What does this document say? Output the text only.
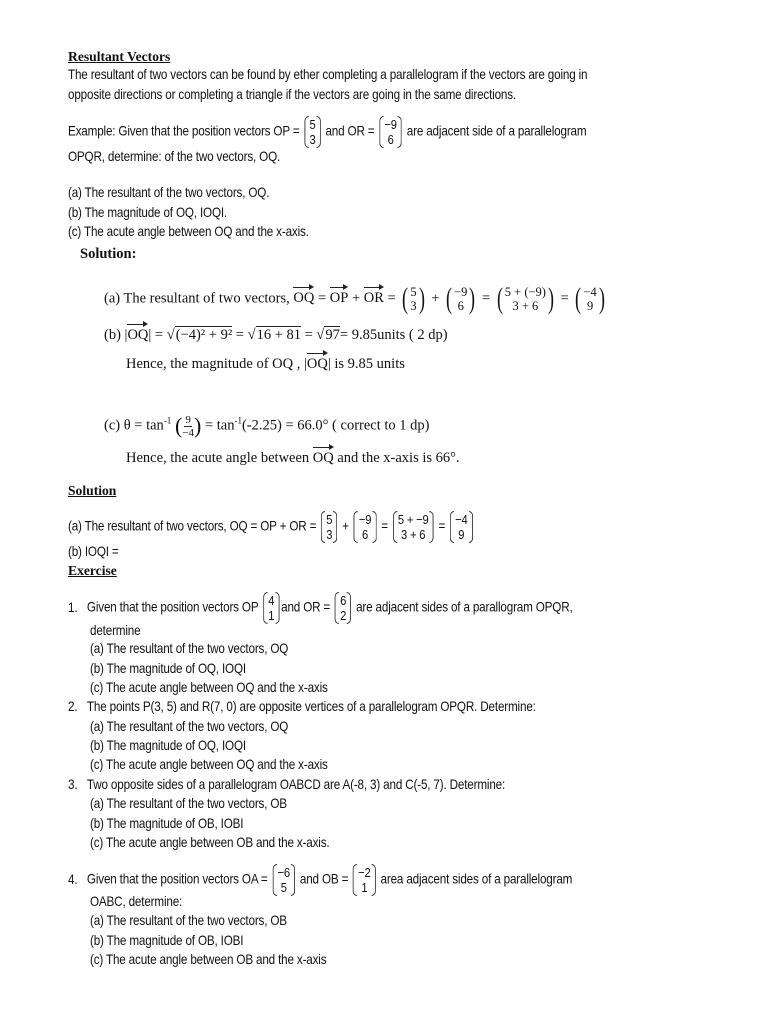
Resultant Vectors
The resultant of two vectors can be found by ether completing a parallelogram if the vectors are going in
opposite directions or completing a triangle if the vectors are going in the same directions.
Example: Given that the position vectors OP = 5
3
and OR = −9
6
are adjacent side of a parallelogram
OPQR, determine: of the two vectors, OQ.
(a) The resultant of the two vectors, OQ.
(b) The magnitude of OQ, IOQI.
(c) The acute angle between OQ and the x-axis.
Solution:
(a) The resultant of two vectors, OQ = OP + OR = ( 5
3 ) + ( −9
6 ) = ( 5 + (−9)
3 + 6 ) = ( −4
9 )
(b) |OQ| = √(−4)² + 9² = √16 + 81 = √97= 9.85units ( 2 dp)
Hence, the magnitude of OQ , |OQ| is 9.85 units
(c) $\theta = \tan^{-1}$ ( $\frac{9}{-4}$ ) = $\tan^{-1}(-2.25) = 66.0^\circ$ ( correct to 1 dp)
Hence, the acute angle between OQ and the x-axis is 66°.
Solution
(a) The resultant of two vectors, OQ = OP + OR = 5
3
+ −9
6
= 5 + −9
3 + 6
= −4
9
(b) IOQI =
Exercise
1. Given that the position vectors OP 4
1
and OR = 6
2
are adjacent sides of a parallogram OPQR,
determine
(a) The resultant of the two vectors, OQ
(b) The magnitude of OQ, IOQI
(c) The acute angle between OQ and the x-axis
2. The points P(3, 5) and R(7, 0) are opposite vertices of a parallelogram OPQR. Determine:
(a) The resultant of the two vectors, OQ
(b) The magnitude of OQ, IOQI
(c) The acute angle between OQ and the x-axis
3. Two opposite sides of a parallelogram OABCD are A(-8, 3) and C(-5, 7). Determine:
(a) The resultant of the two vectors, OB
(b) The magnitude of OB, IOBI
(c) The acute angle between OB and the x-axis.
4. Given that the position vectors OA = −6
5
and OB = −2
1
area adjacent sides of a parallelogram
OABC, determine:
(a) The resultant of the two vectors, OB
(b) The magnitude of OB, IOBI
(c) The acute angle between OB and the x-axis
